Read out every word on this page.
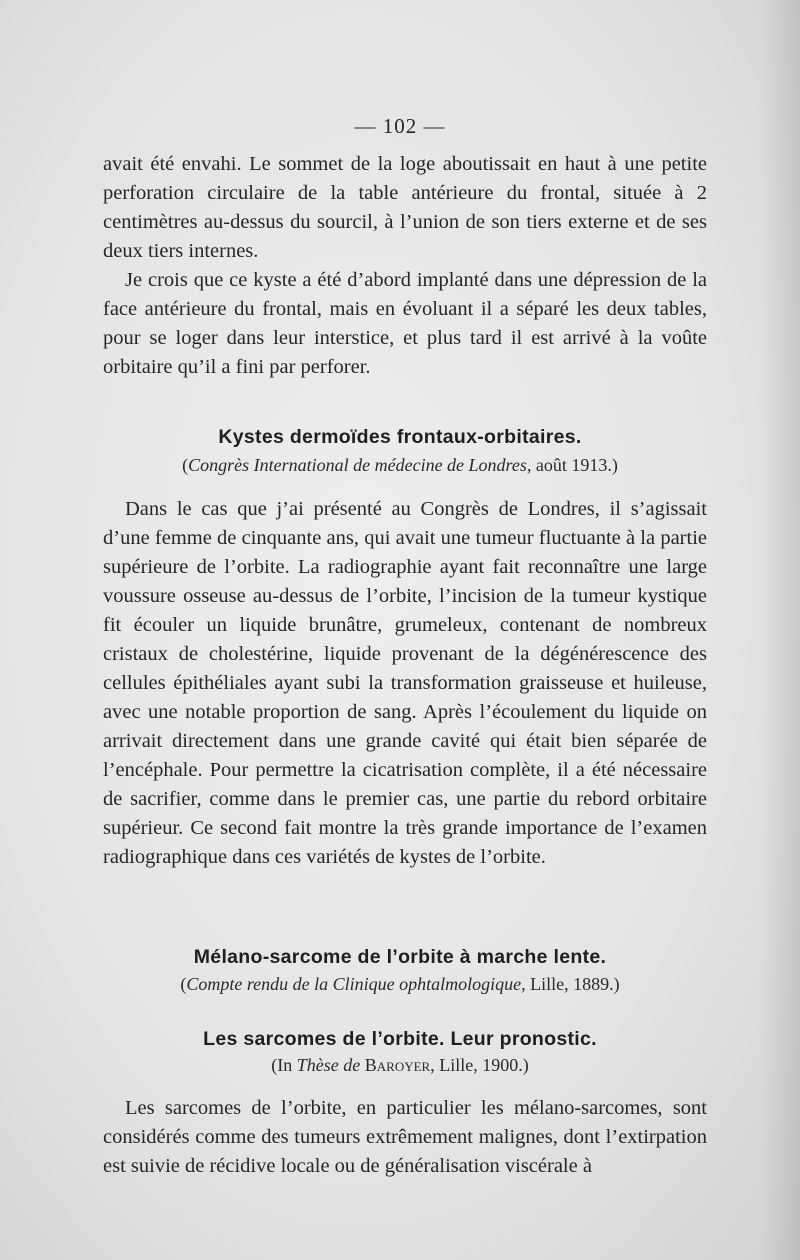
— 102 —

avait été envahi. Le sommet de la loge aboutissait en haut à une petite perforation circulaire de la table antérieure du frontal, située à 2 centimètres au-dessus du sourcil, à l’union de son tiers externe et de ses deux tiers internes.

Je crois que ce kyste a été d’abord implanté dans une dépression de la face antérieure du frontal, mais en évoluant il a séparé les deux tables, pour se loger dans leur interstice, et plus tard il est arrivé à la voûte orbitaire qu’il a fini par perforer.

Kystes dermoïdes frontaux-orbitaires.

(Congrès International de médecine de Londres, août 1913.)

Dans le cas que j’ai présenté au Congrès de Londres, il s’agissait d’une femme de cinquante ans, qui avait une tumeur fluctuante à la partie supérieure de l’orbite. La radiographie ayant fait reconnaître une large voussure osseuse au-dessus de l’orbite, l’incision de la tumeur kystique fit écouler un liquide brunâtre, grumeleux, contenant de nombreux cristaux de cholestérine, liquide provenant de la dégénérescence des cellules épithéliales ayant subi la transformation graisseuse et huileuse, avec une notable proportion de sang. Après l’écoulement du liquide on arrivait directement dans une grande cavité qui était bien séparée de l’encéphale. Pour permettre la cicatrisation complète, il a été nécessaire de sacrifier, comme dans le premier cas, une partie du rebord orbitaire supérieur. Ce second fait montre la très grande importance de l’examen radiographique dans ces variétés de kystes de l’orbite.

Mélano-sarcome de l’orbite à marche lente.

(Compte rendu de la Clinique ophtalmologique, Lille, 1889.)

Les sarcomes de l’orbite. Leur pronostic.

(In Thèse de Baroyer, Lille, 1900.)

Les sarcomes de l’orbite, en particulier les mélano-sarcomes, sont considérés comme des tumeurs extrêmement malignes, dont l’extirpation est suivie de récidive locale ou de généralisation viscérale à
